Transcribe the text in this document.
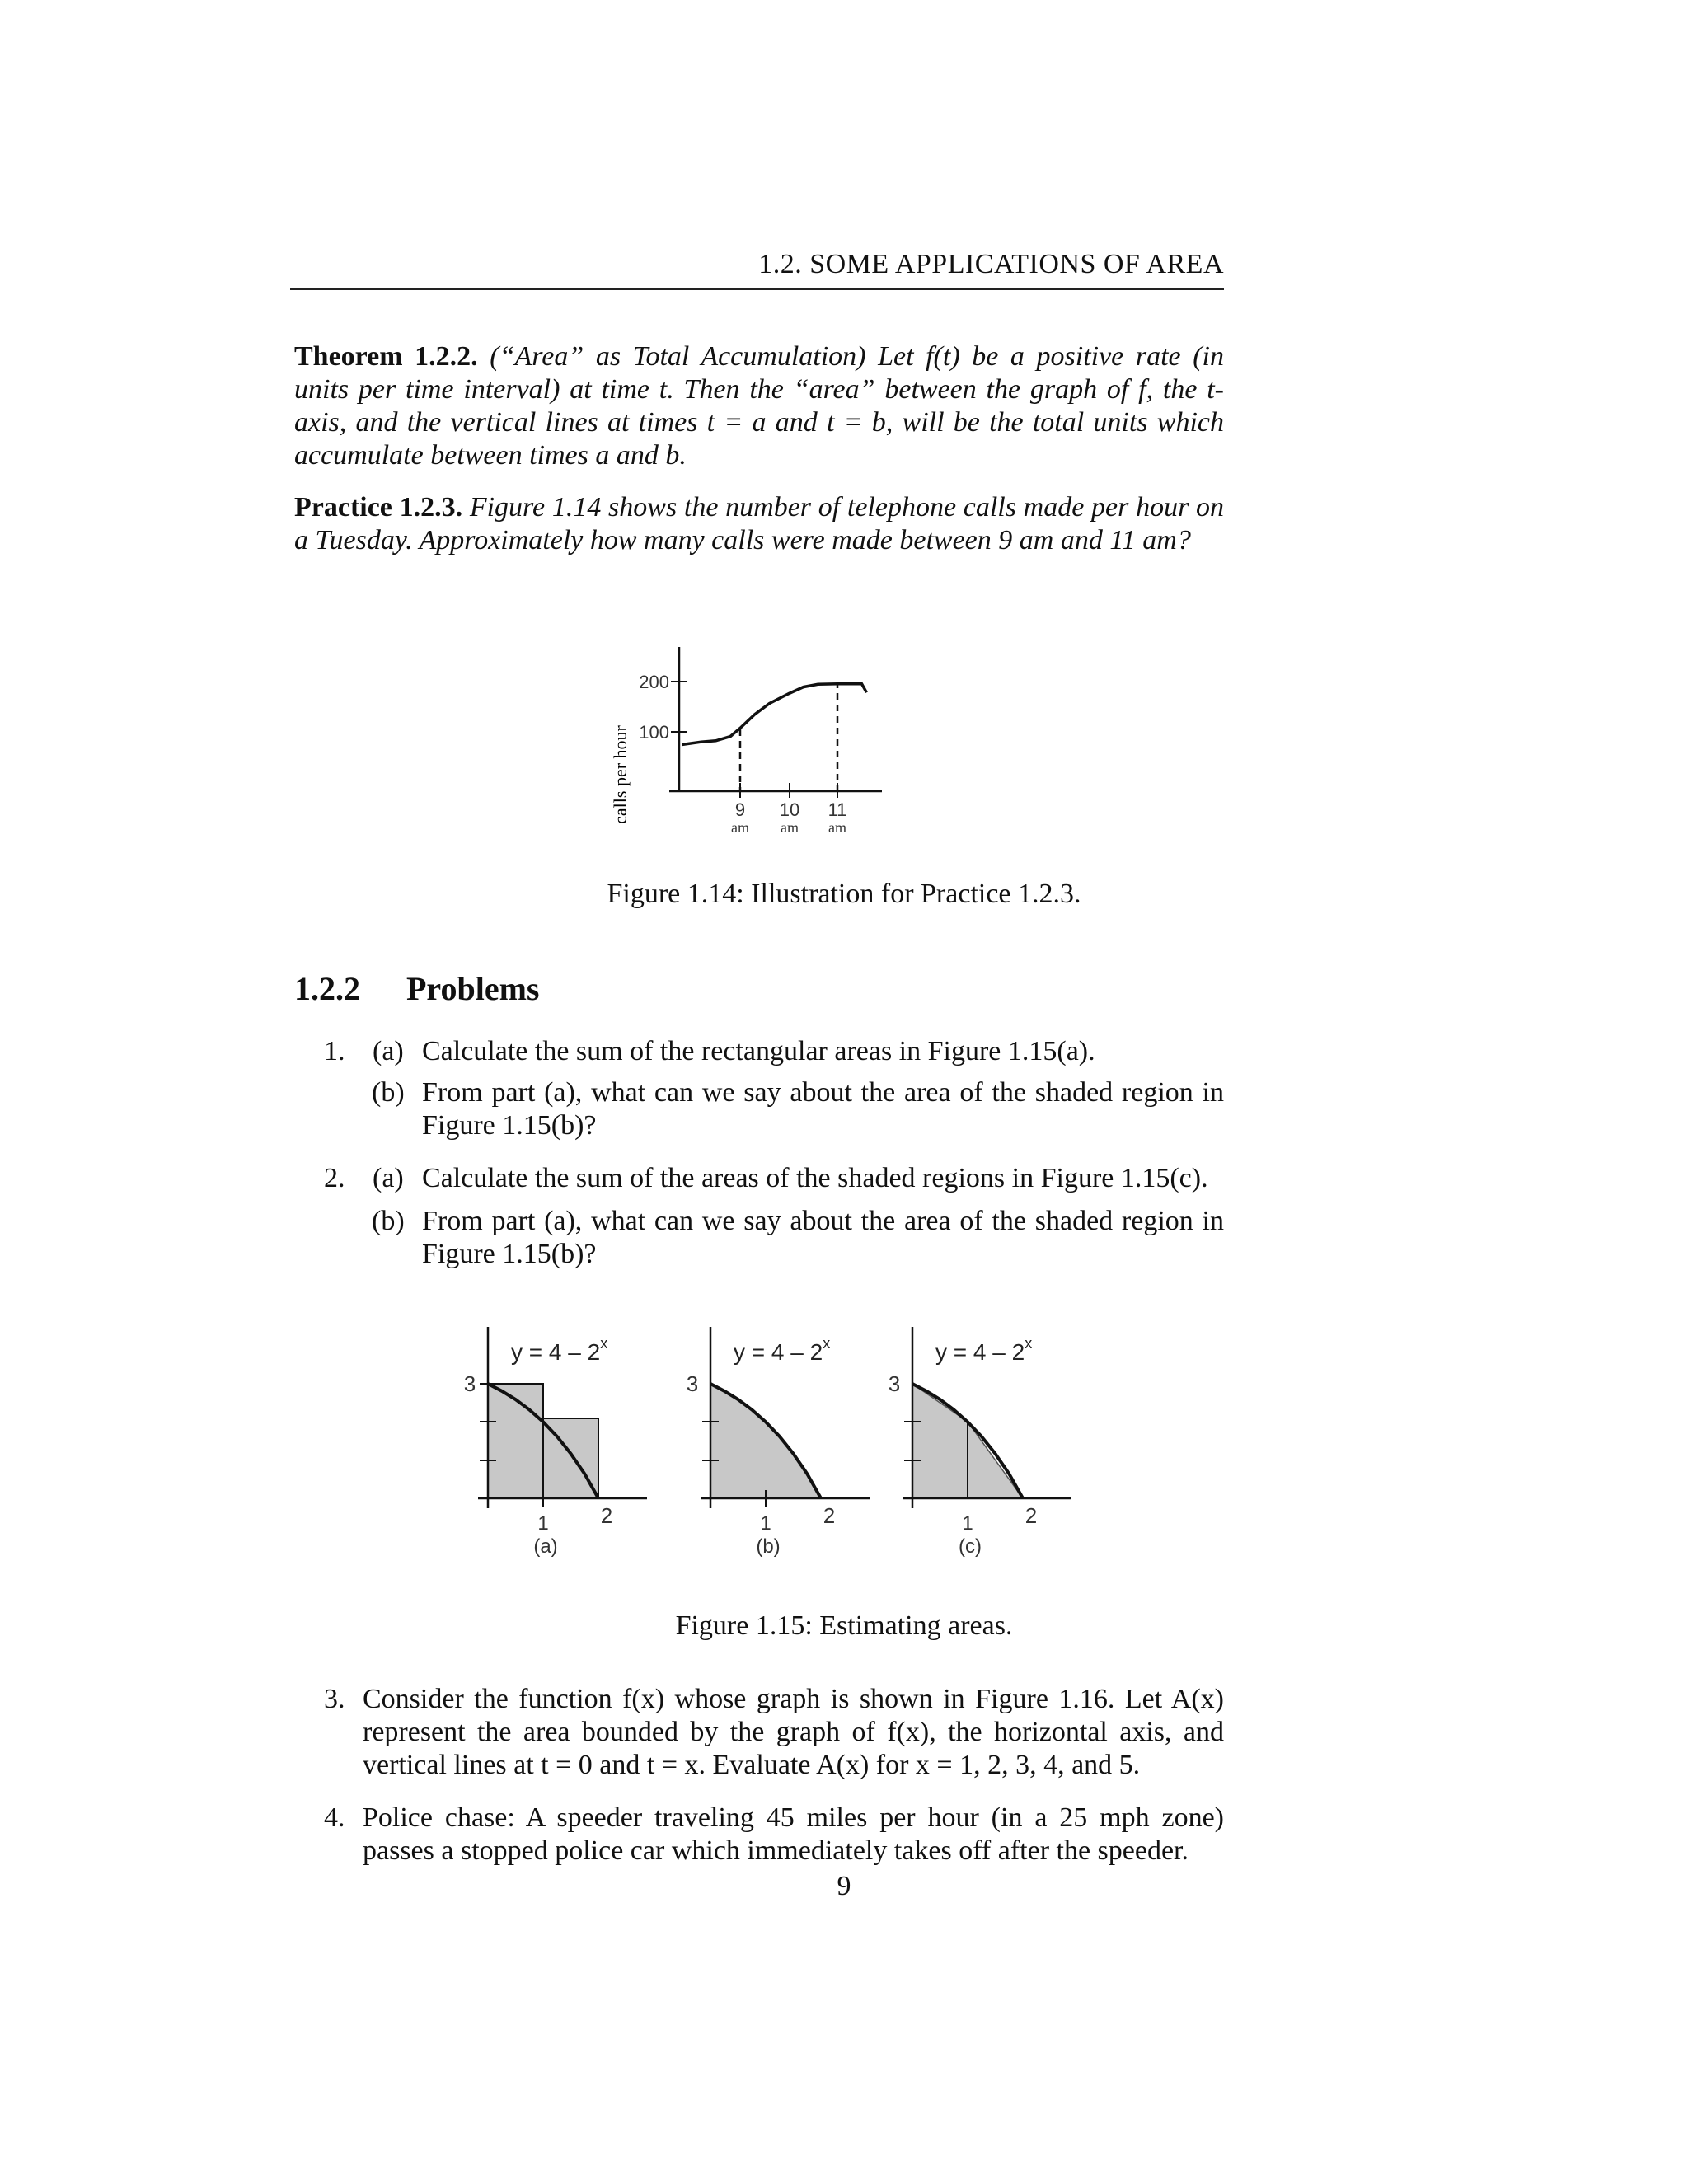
1.2. SOME APPLICATIONS OF AREA
Theorem 1.2.2. (“Area” as Total Accumulation) Let f(t) be a positive rate (in units per time interval) at time t. Then the “area” between the graph of f, the t-axis, and the vertical lines at times t = a and t = b, will be the total units which accumulate between times a and b.
Practice 1.2.3. Figure 1.14 shows the number of telephone calls made per hour on a Tuesday. Approximately how many calls were made between 9 am and 11 am?
calls per hour
200
100
9 10 11
am am am
Figure 1.14: Illustration for Practice 1.2.3.
1.2.2 Problems
1. (a) Calculate the sum of the rectangular areas in Figure 1.15(a).
(b) From part (a), what can we say about the area of the shaded region in Figure 1.15(b)?
2. (a) Calculate the sum of the areas of the shaded regions in Figure 1.15(c).
(b) From part (a), what can we say about the area of the shaded region in Figure 1.15(b)?
y = 4 – 2$^x$
3
1 2
(a)
y = 4 – 2$^x$
3
1 2
(b)
y = 4 – 2$^x$
3
1 2
(c)
Figure 1.15: Estimating areas.
3. Consider the function f(x) whose graph is shown in Figure 1.16. Let A(x) represent the area bounded by the graph of f(x), the horizontal axis, and vertical lines at t = 0 and t = x. Evaluate A(x) for x = 1, 2, 3, 4, and 5.
4. Police chase: A speeder traveling 45 miles per hour (in a 25 mph zone) passes a stopped police car which immediately takes off after the speeder.
9
